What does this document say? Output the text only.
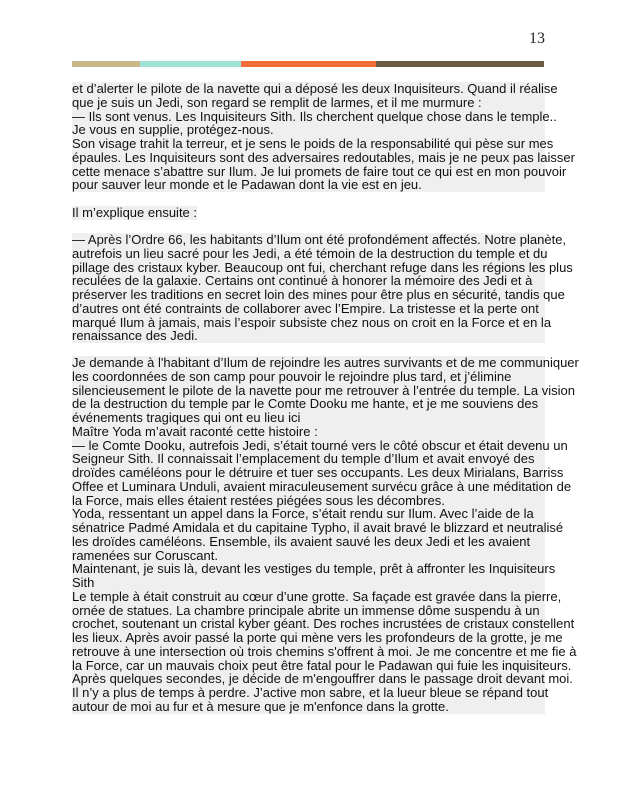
13
et d’alerter le pilote de la navette qui a déposé les deux Inquisiteurs. Quand il réalise
que je suis un Jedi, son regard se remplit de larmes, et il me murmure :
— Ils sont venus. Les Inquisiteurs Sith. Ils cherchent quelque chose dans le temple..
Je vous en supplie, protégez-nous.
Son visage trahit la terreur, et je sens le poids de la responsabilité qui pèse sur mes
épaules. Les Inquisiteurs sont des adversaires redoutables, mais je ne peux pas laisser
cette menace s’abattre sur Ilum. Je lui promets de faire tout ce qui est en mon pouvoir
pour sauver leur monde et le Padawan dont la vie est en jeu.
Il m’explique ensuite :
— Après l’Ordre 66, les habitants d’Ilum ont été profondément affectés. Notre planète,
autrefois un lieu sacré pour les Jedi, a été témoin de la destruction du temple et du
pillage des cristaux kyber. Beaucoup ont fui, cherchant refuge dans les régions les plus
reculées de la galaxie. Certains ont continué à honorer la mémoire des Jedi et à
préserver les traditions en secret loin des mines pour être plus en sécurité, tandis que
d’autres ont été contraints de collaborer avec l’Empire. La tristesse et la perte ont
marqué Ilum à jamais, mais l’espoir subsiste chez nous on croit en la Force et en la
renaissance des Jedi.
Je demande à l'habitant d’Ilum de rejoindre les autres survivants et de me communiquer
les coordonnées de son camp pour pouvoir le rejoindre plus tard, et j’élimine
silencieusement le pilote de la navette pour me retrouver à l’entrée du temple. La vision
de la destruction du temple par le Comte Dooku me hante, et je me souviens des
événements tragiques qui ont eu lieu ici
Maître Yoda m’avait raconté cette histoire :
— le Comte Dooku, autrefois Jedi, s’était tourné vers le côté obscur et était devenu un
Seigneur Sith. Il connaissait l’emplacement du temple d’Ilum et avait envoyé des
droïdes caméléons pour le détruire et tuer ses occupants. Les deux Mirialans, Barriss
Offee et Luminara Unduli, avaient miraculeusement survécu grâce à une méditation de
la Force, mais elles étaient restées piégées sous les décombres.
Yoda, ressentant un appel dans la Force, s’était rendu sur Ilum. Avec l’aide de la
sénatrice Padmé Amidala et du capitaine Typho, il avait bravé le blizzard et neutralisé
les droïdes caméléons. Ensemble, ils avaient sauvé les deux Jedi et les avaient
ramenées sur Coruscant.
Maintenant, je suis là, devant les vestiges du temple, prêt à affronter les Inquisiteurs
Sith
Le temple à était construit au cœur d’une grotte. Sa façade est gravée dans la pierre,
ornée de statues. La chambre principale abrite un immense dôme suspendu à un
crochet, soutenant un cristal kyber géant. Des roches incrustées de cristaux constellent
les lieux. Après avoir passé la porte qui mène vers les profondeurs de la grotte, je me
retrouve à une intersection où trois chemins s'offrent à moi. Je me concentre et me fie à
la Force, car un mauvais choix peut être fatal pour le Padawan qui fuie les inquisiteurs.
Après quelques secondes, je décide de m'engouffrer dans le passage droit devant moi.
Il n’y a plus de temps à perdre. J’active mon sabre, et la lueur bleue se répand tout
autour de moi au fur et à mesure que je m'enfonce dans la grotte.
